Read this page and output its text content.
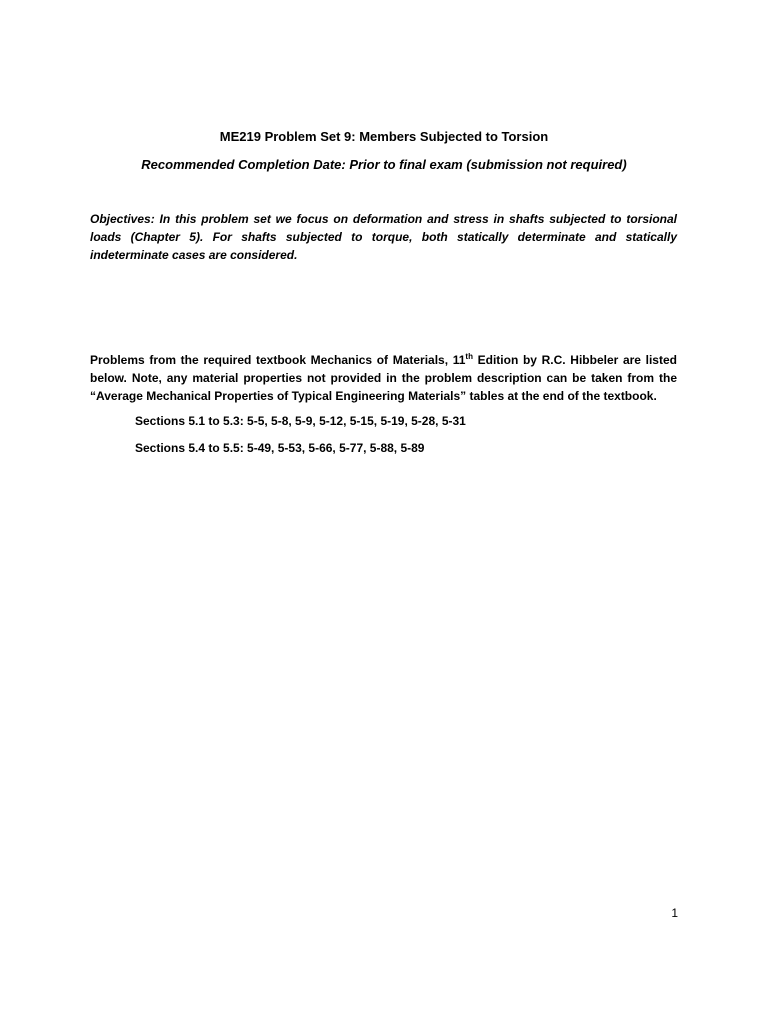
ME219 Problem Set 9: Members Subjected to Torsion
Recommended Completion Date: Prior to final exam (submission not required)

Objectives: In this problem set we focus on deformation and stress in shafts subjected to torsional loads (Chapter 5). For shafts subjected to torque, both statically determinate and statically indeterminate cases are considered.

Problems from the required textbook Mechanics of Materials, 11th Edition by R.C. Hibbeler are listed below. Note, any material properties not provided in the problem description can be taken from the “Average Mechanical Properties of Typical Engineering Materials” tables at the end of the textbook.

Sections 5.1 to 5.3: 5-5, 5-8, 5-9, 5-12, 5-15, 5-19, 5-28, 5-31
Sections 5.4 to 5.5: 5-49, 5-53, 5-66, 5-77, 5-88, 5-89
1
